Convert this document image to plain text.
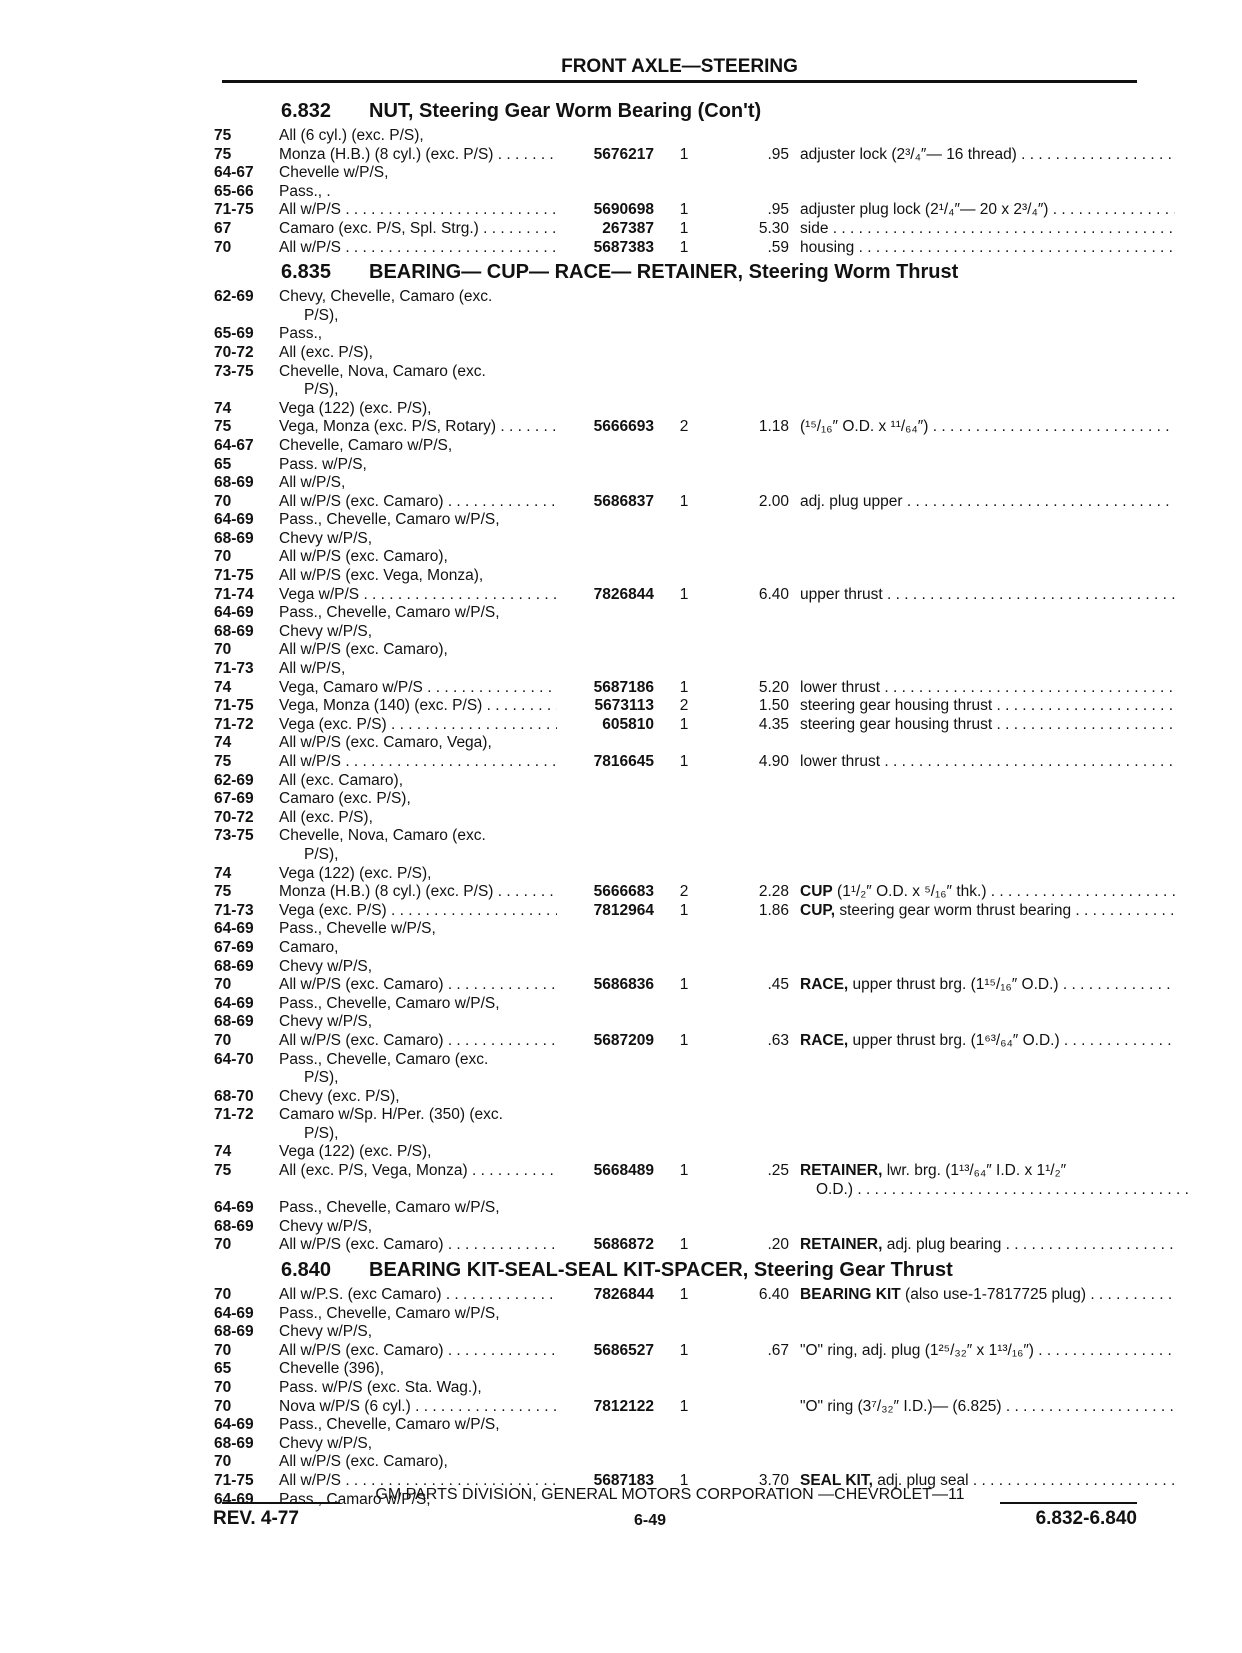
FRONT AXLE—STEERING
6.832 NUT, Steering Gear Worm Bearing (Con't)
75	All (6 cyl.) (exc. P/S),
75	Monza (H.B.) (8 cyl.) (exc. P/S) . . .	5676217	1	.95 adjuster lock (2³/₄″— 16 thread) . . .
64-67	Chevelle w/P/S,
65-66	Pass., .
71-75	All w/P/S . . .	5690698	1	.95 adjuster plug lock (2¹/₄″— 20 x 2³/₄″) . . .
67	Camaro (exc. P/S, Spl. Strg.) . . .	267387	1	5.30 side . . .
70	All w/P/S . . .	5687383	1	.59 housing . . .
6.835 BEARING— CUP— RACE— RETAINER, Steering Worm Thrust
62-69	Chevy, Chevelle, Camaro (exc.
P/S),
65-69	Pass.,
70-72	All (exc. P/S),
73-75	Chevelle, Nova, Camaro (exc.
P/S),
74	Vega (122) (exc. P/S),
75	Vega, Monza (exc. P/S, Rotary) . . .	5666693	2	1.18 (¹⁵/₁₆″ O.D. x ¹¹/₆₄″) . . .
64-67	Chevelle, Camaro w/P/S,
65	Pass. w/P/S,
68-69	All w/P/S,
70	All w/P/S (exc. Camaro) . . .	5686837	1	2.00 adj. plug upper . . .
64-69	Pass., Chevelle, Camaro w/P/S,
68-69	Chevy w/P/S,
70	All w/P/S (exc. Camaro),
71-75	All w/P/S (exc. Vega, Monza),
71-74	Vega w/P/S . . .	7826844	1	6.40 upper thrust . . .
64-69	Pass., Chevelle, Camaro w/P/S,
68-69	Chevy w/P/S,
70	All w/P/S (exc. Camaro),
71-73	All w/P/S,
74	Vega, Camaro w/P/S . . .	5687186	1	5.20 lower thrust . . .
71-75	Vega, Monza (140) (exc. P/S) . . .	5673113	2	1.50 steering gear housing thrust . . .
71-72	Vega (exc. P/S) . . .	605810	1	4.35 steering gear housing thrust . . .
74	All w/P/S (exc. Camaro, Vega),
75	All w/P/S . . .	7816645	1	4.90 lower thrust . . .
62-69	All (exc. Camaro),
67-69	Camaro (exc. P/S),
70-72	All (exc. P/S),
73-75	Chevelle, Nova, Camaro (exc.
P/S),
74	Vega (122) (exc. P/S),
75	Monza (H.B.) (8 cyl.) (exc. P/S) . . .	5666683	2	2.28 CUP (1¹/₂″ O.D. x ⁵/₁₆″ thk.) . . .
71-73	Vega (exc. P/S) . . .	7812964	1	1.86 CUP, steering gear worm thrust bearing . . .
64-69	Pass., Chevelle w/P/S,
67-69	Camaro,
68-69	Chevy w/P/S,
70	All w/P/S (exc. Camaro) . . .	5686836	1	.45 RACE, upper thrust brg. (1¹⁵/₁₆″ O.D.) . . .
64-69	Pass., Chevelle, Camaro w/P/S,
68-69	Chevy w/P/S,
70	All w/P/S (exc. Camaro) . . .	5687209	1	.63 RACE, upper thrust brg. (1⁶³/₆₄″ O.D.) . . .
64-70	Pass., Chevelle, Camaro (exc.
P/S),
68-70	Chevy (exc. P/S),
71-72	Camaro w/Sp. H/Per. (350) (exc.
P/S),
74	Vega (122) (exc. P/S),
75	All (exc. P/S, Vega, Monza) . . .	5668489	1	.25 RETAINER, lwr. brg. (1¹³/₆₄″ I.D. x 1¹/₂″
O.D.) . . .
64-69	Pass., Chevelle, Camaro w/P/S,
68-69	Chevy w/P/S,
70	All w/P/S (exc. Camaro) . . .	5686872	1	.20 RETAINER, adj. plug bearing . . .
6.840 BEARING KIT-SEAL-SEAL KIT-SPACER, Steering Gear Thrust
70	All w/P.S. (exc Camaro) . . .	7826844	1	6.40 BEARING KIT (also use-1-7817725 plug) . . .
64-69	Pass., Chevelle, Camaro w/P/S,
68-69	Chevy w/P/S,
70	All w/P/S (exc. Camaro) . . .	5686527	1	.67 "O" ring, adj. plug (1²⁵/₃₂″ x 1¹³/₁₆″) . . .
65	Chevelle (396),
70	Pass. w/P/S (exc. Sta. Wag.),
70	Nova w/P/S (6 cyl.) . . .	7812122	1	"O" ring (3⁷/₃₂″ I.D.)— (6.825) . . .
64-69	Pass., Chevelle, Camaro w/P/S,
68-69	Chevy w/P/S,
70	All w/P/S (exc. Camaro),
71-75	All w/P/S . . .	5687183	1	3.70 SEAL KIT, adj. plug seal . . .
64-69	Pass., Camaro w/P/S,
GM PARTS DIVISION, GENERAL MOTORS CORPORATION —CHEVROLET—11
REV. 4-77	6-49	6.832-6.840
